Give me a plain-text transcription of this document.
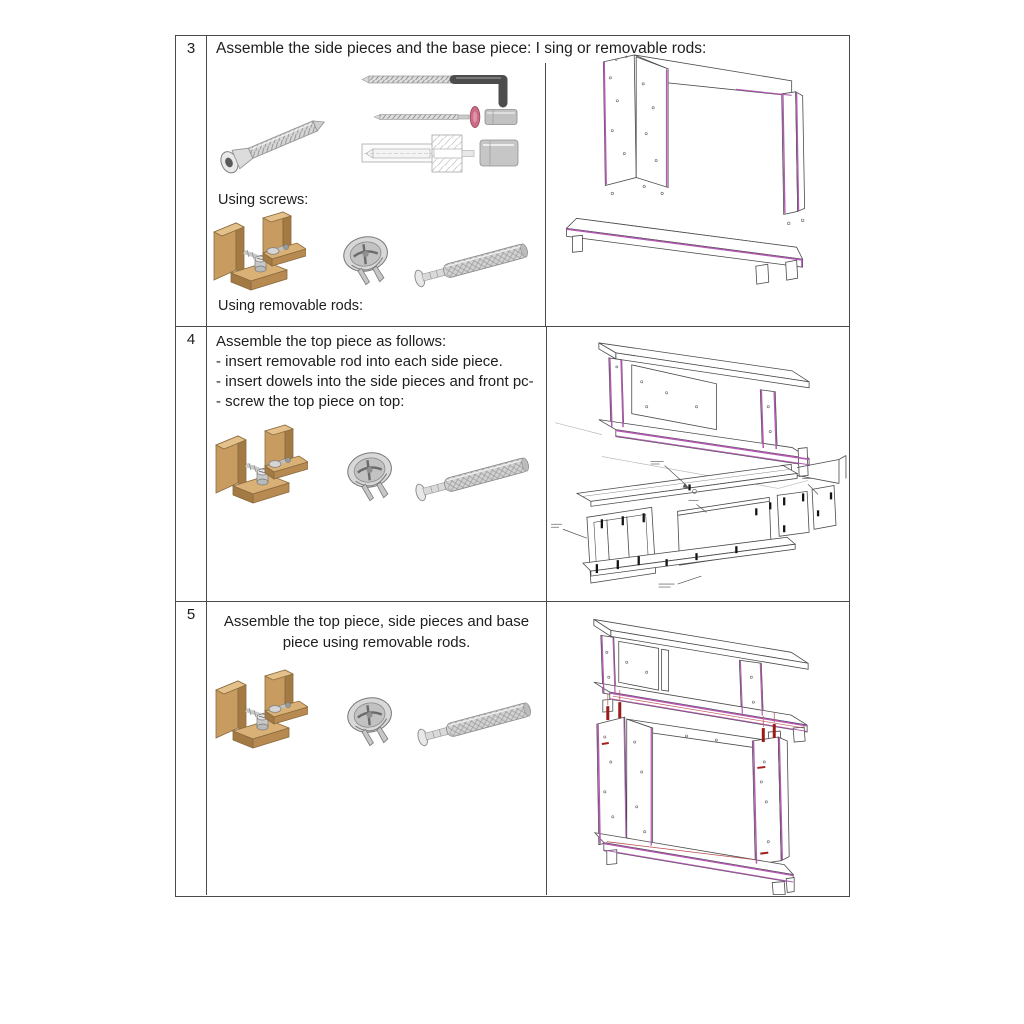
3	Assemble the side pieces and the base piece: I sing or removable rods:
Using screws:
Using removable rods:
4	Assemble the top piece as follows:
- insert removable rod into each side piece.
- insert dowels into the side pieces and front pc-
- screw the top piece on top:
5	Assemble the top piece, side pieces and base
piece using removable rods.
